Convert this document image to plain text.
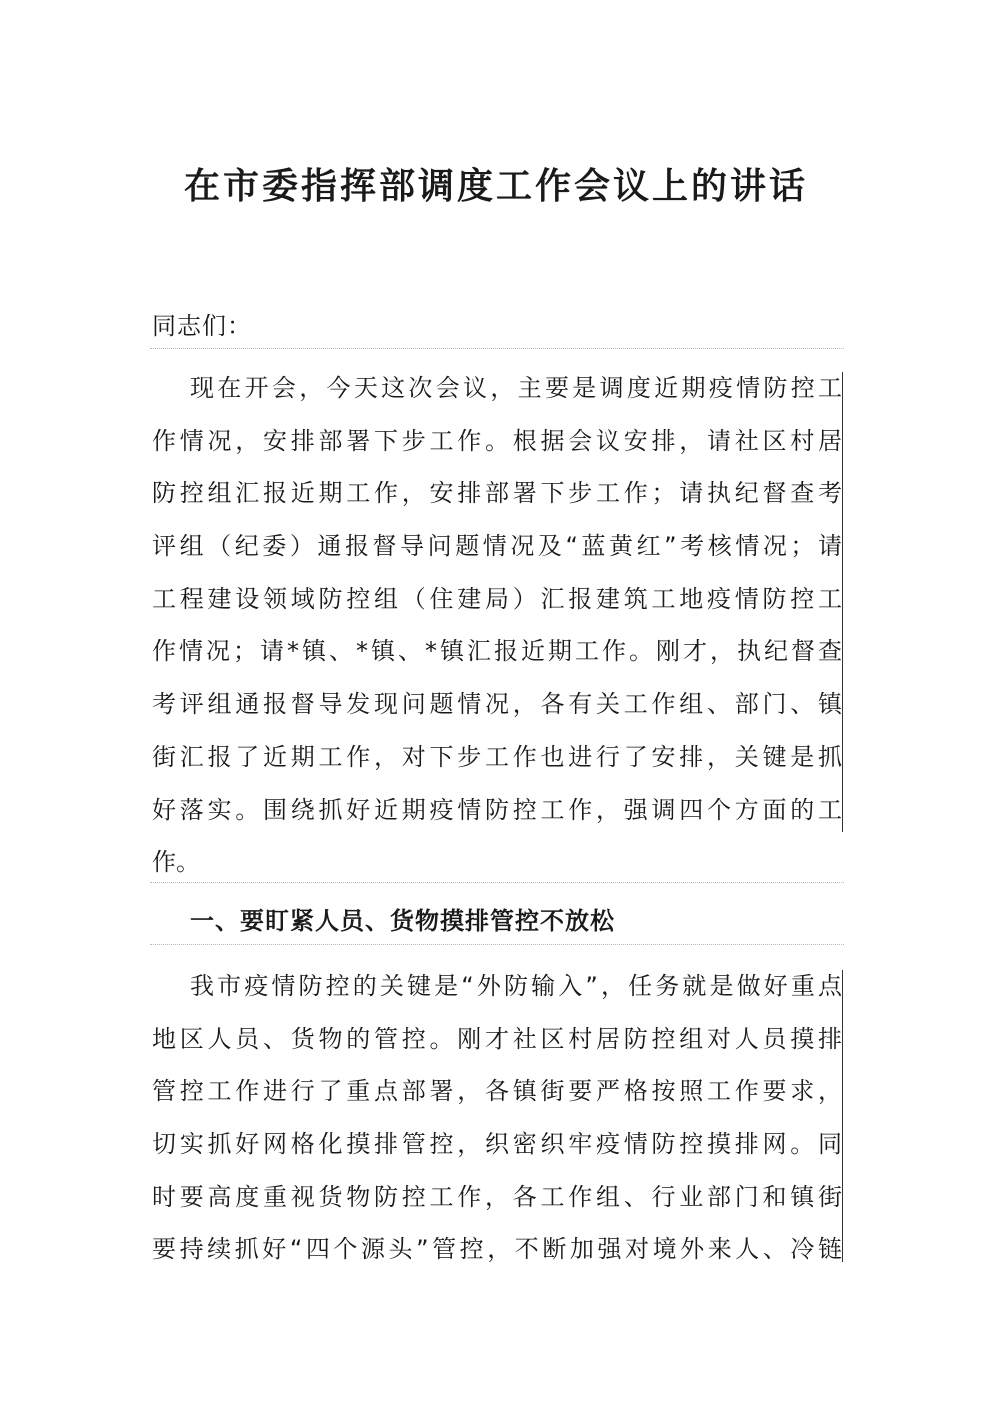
在市委指挥部调度工作会议上的讲话
同志们：
现在开会，今天这次会议，主要是调度近期疫情防控工
作情况，安排部署下步工作。根据会议安排，请社区村居
防控组汇报近期工作，安排部署下步工作；请执纪督查考
评组（纪委）通报督导问题情况及“蓝黄红”考核情况；请
工程建设领域防控组（住建局）汇报建筑工地疫情防控工
作情况；请*镇、*镇、*镇汇报近期工作。刚才，执纪督查
考评组通报督导发现问题情况，各有关工作组、部门、镇
街汇报了近期工作，对下步工作也进行了安排，关键是抓
好落实。围绕抓好近期疫情防控工作，强调四个方面的工
作。
一、要盯紧人员、货物摸排管控不放松
我市疫情防控的关键是“外防输入”，任务就是做好重点
地区人员、货物的管控。刚才社区村居防控组对人员摸排
管控工作进行了重点部署，各镇街要严格按照工作要求，
切实抓好网格化摸排管控，织密织牢疫情防控摸排网。同
时要高度重视货物防控工作，各工作组、行业部门和镇街
要持续抓好“四个源头”管控，不断加强对境外来人、冷链
